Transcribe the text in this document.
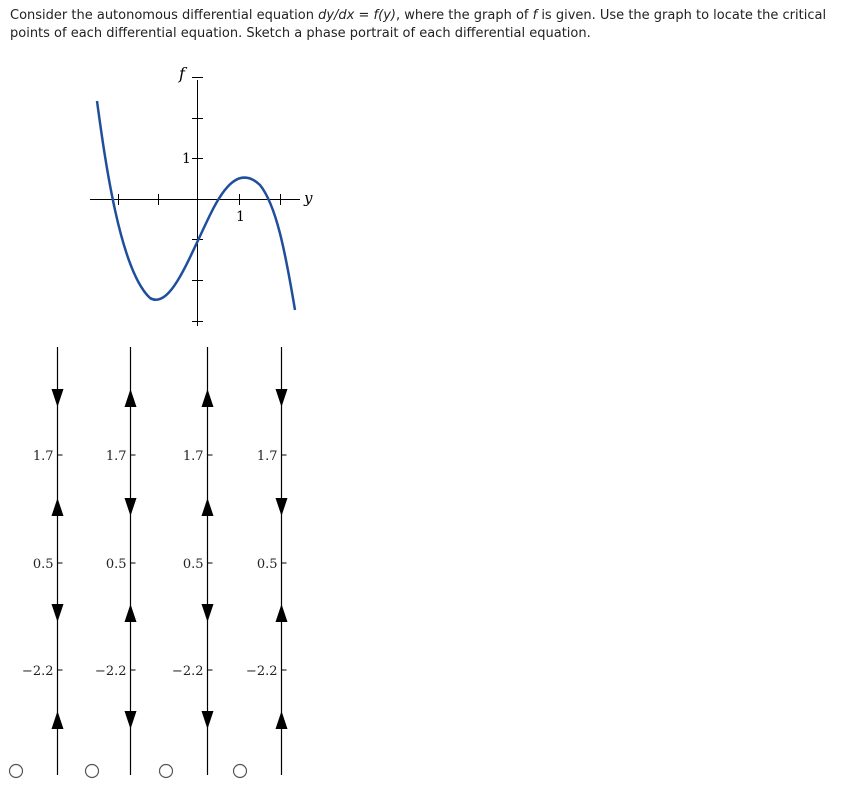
Consider the autonomous differential equation dy/dx = f(y), where the graph of f is given. Use the graph to locate the critical points of each differential equation. Sketch a phase portrait of each differential equation.
f
y
1
1
1.7
0.5
−2.2
1.7
0.5
−2.2
1.7
0.5
−2.2
1.7
0.5
−2.2
